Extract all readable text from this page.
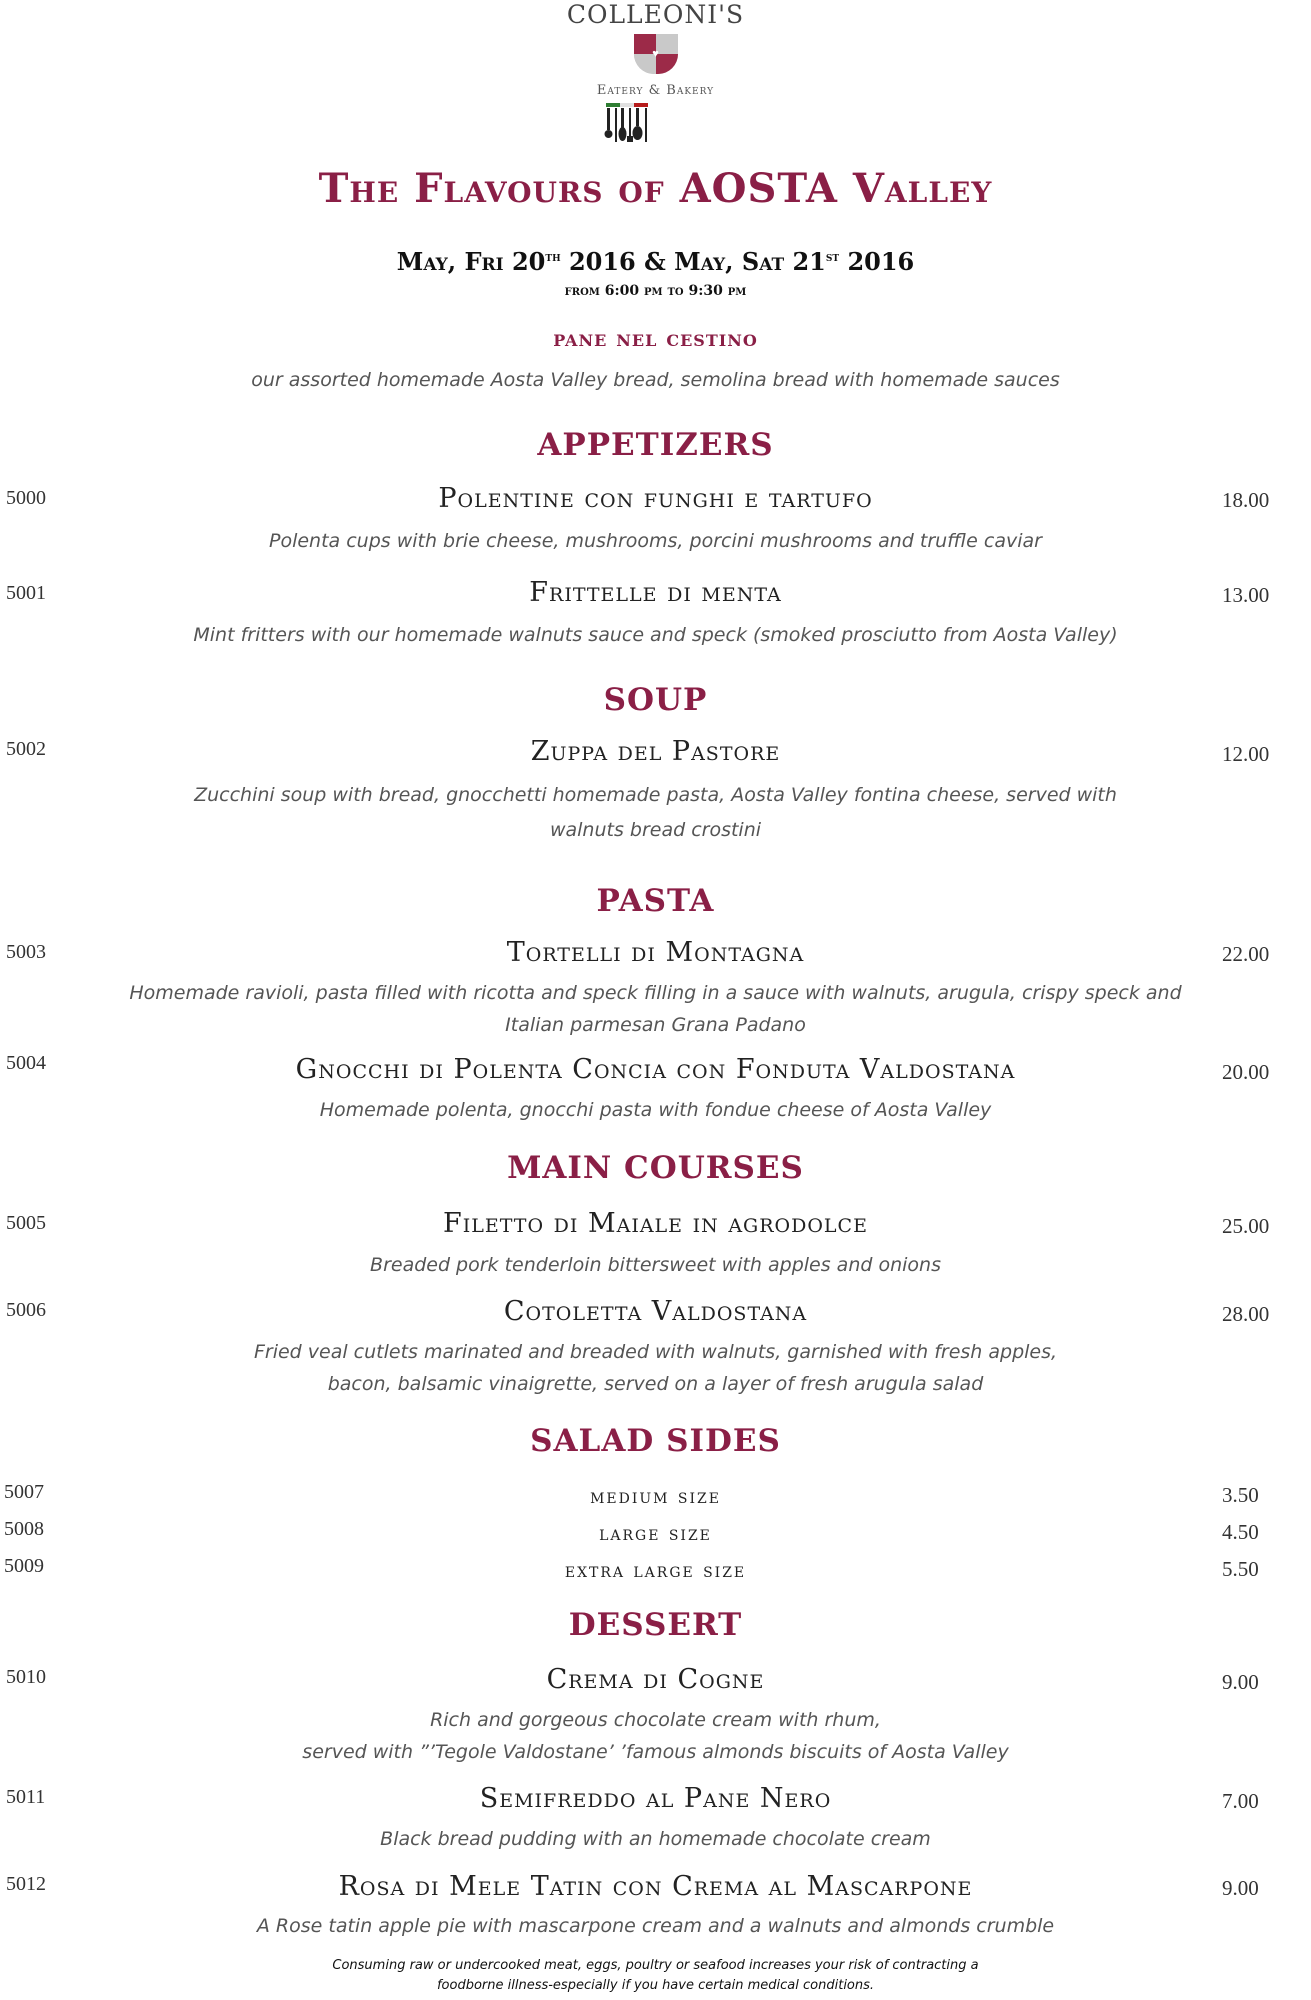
COLLEONI'S
♥
Eatery & Bakery
The Flavours of AOSTA Valley
May, Fri 20th 2016 & May, Sat 21st 2016
from 6:00 pm to 9:30 pm
pane nel cestino
our assorted homemade Aosta Valley bread, semolina bread with homemade sauces
APPETIZERS
5000	Polentine con funghi e tartufo	18.00
Polenta cups with brie cheese, mushrooms, porcini mushrooms and truffle caviar
5001	Frittelle di menta	13.00
Mint fritters with our homemade walnuts sauce and speck (smoked prosciutto from Aosta Valley)
SOUP
5002	Zuppa del Pastore	12.00
Zucchini soup with bread, gnocchetti homemade pasta, Aosta Valley fontina cheese, served with
walnuts bread crostini
PASTA
5003	Tortelli di Montagna	22.00
Homemade ravioli, pasta filled with ricotta and speck filling in a sauce with walnuts, arugula, crispy speck and
Italian parmesan Grana Padano
5004	Gnocchi di Polenta Concia con Fonduta Valdostana	20.00
Homemade polenta, gnocchi pasta with fondue cheese of Aosta Valley
MAIN COURSES
5005	Filetto di Maiale in agrodolce	25.00
Breaded pork tenderloin bittersweet with apples and onions
5006	Cotoletta Valdostana	28.00
Fried veal cutlets marinated and breaded with walnuts, garnished with fresh apples,
bacon, balsamic vinaigrette, served on a layer of fresh arugula salad
SALAD SIDES
5007	medium size	3.50
5008	large size	4.50
5009	extra large size	5.50
DESSERT
5010	Crema di Cogne	9.00
Rich and gorgeous chocolate cream with rhum,
served with ”’Tegole Valdostane’ ’famous almonds biscuits of Aosta Valley
5011	Semifreddo al Pane Nero	7.00
Black bread pudding with an homemade chocolate cream
5012	Rosa di Mele Tatin con Crema al Mascarpone	9.00
A Rose tatin apple pie with mascarpone cream and a walnuts and almonds crumble
Consuming raw or undercooked meat, eggs, poultry or seafood increases your risk of contracting a
foodborne illness-especially if you have certain medical conditions.
